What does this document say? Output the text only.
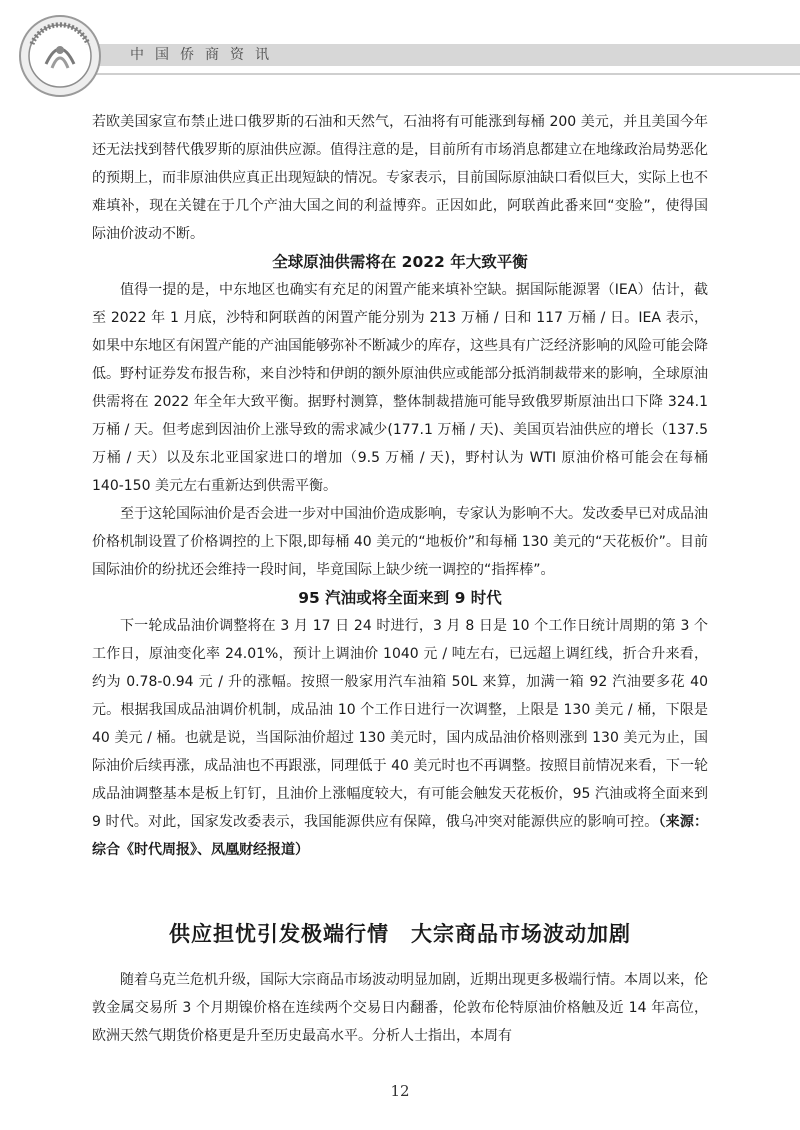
中国侨商资讯

若欧美国家宣布禁止进口俄罗斯的石油和天然气，石油将有可能涨到每桶 200 美元，并且美国今年还无法找到替代俄罗斯的原油供应源。值得注意的是，目前所有市场消息都建立在地缘政治局势恶化的预期上，而非原油供应真正出现短缺的情况。专家表示，目前国际原油缺口看似巨大，实际上也不难填补，现在关键在于几个产油大国之间的利益博弈。正因如此，阿联酋此番来回“变脸”，使得国际油价波动不断。

全球原油供需将在 2022 年大致平衡

值得一提的是，中东地区也确实有充足的闲置产能来填补空缺。据国际能源署（IEA）估计，截至 2022 年 1 月底，沙特和阿联酋的闲置产能分别为 213 万桶 / 日和 117 万桶 / 日。IEA 表示，如果中东地区有闲置产能的产油国能够弥补不断减少的库存，这些具有广泛经济影响的风险可能会降低。野村证券发布报告称，来自沙特和伊朗的额外原油供应或能部分抵消制裁带来的影响，全球原油供需将在 2022 年全年大致平衡。据野村测算，整体制裁措施可能导致俄罗斯原油出口下降 324.1 万桶 / 天。但考虑到因油价上涨导致的需求减少(177.1 万桶 / 天)、美国页岩油供应的增长（137.5 万桶 / 天）以及东北亚国家进口的增加（9.5 万桶 / 天)，野村认为 WTI 原油价格可能会在每桶 140-150 美元左右重新达到供需平衡。

至于这轮国际油价是否会进一步对中国油价造成影响，专家认为影响不大。发改委早已对成品油价格机制设置了价格调控的上下限,即每桶 40 美元的“地板价”和每桶 130 美元的“天花板价”。目前国际油价的纷扰还会维持一段时间，毕竟国际上缺少统一调控的“指挥棒”。

95 汽油或将全面来到 9 时代

下一轮成品油价调整将在 3 月 17 日 24 时进行，3 月 8 日是 10 个工作日统计周期的第 3 个工作日，原油变化率 24.01%，预计上调油价 1040 元 / 吨左右，已远超上调红线，折合升来看，约为 0.78-0.94 元 / 升的涨幅。按照一般家用汽车油箱 50L 来算，加满一箱 92 汽油要多花 40 元。根据我国成品油调价机制，成品油 10 个工作日进行一次调整，上限是 130 美元 / 桶，下限是 40 美元 / 桶。也就是说，当国际油价超过 130 美元时，国内成品油价格则涨到 130 美元为止，国际油价后续再涨，成品油也不再跟涨，同理低于 40 美元时也不再调整。按照目前情况来看，下一轮成品油调整基本是板上钉钉，且油价上涨幅度较大，有可能会触发天花板价，95 汽油或将全面来到 9 时代。对此，国家发改委表示，我国能源供应有保障，俄乌冲突对能源供应的影响可控。（来源：综合《时代周报》、凤凰财经报道）

供应担忧引发极端行情　大宗商品市场波动加剧

随着乌克兰危机升级，国际大宗商品市场波动明显加剧，近期出现更多极端行情。本周以来，伦敦金属交易所 3 个月期镍价格在连续两个交易日内翻番，伦敦布伦特原油价格触及近 14 年高位，欧洲天然气期货价格更是升至历史最高水平。分析人士指出，本周有

12
